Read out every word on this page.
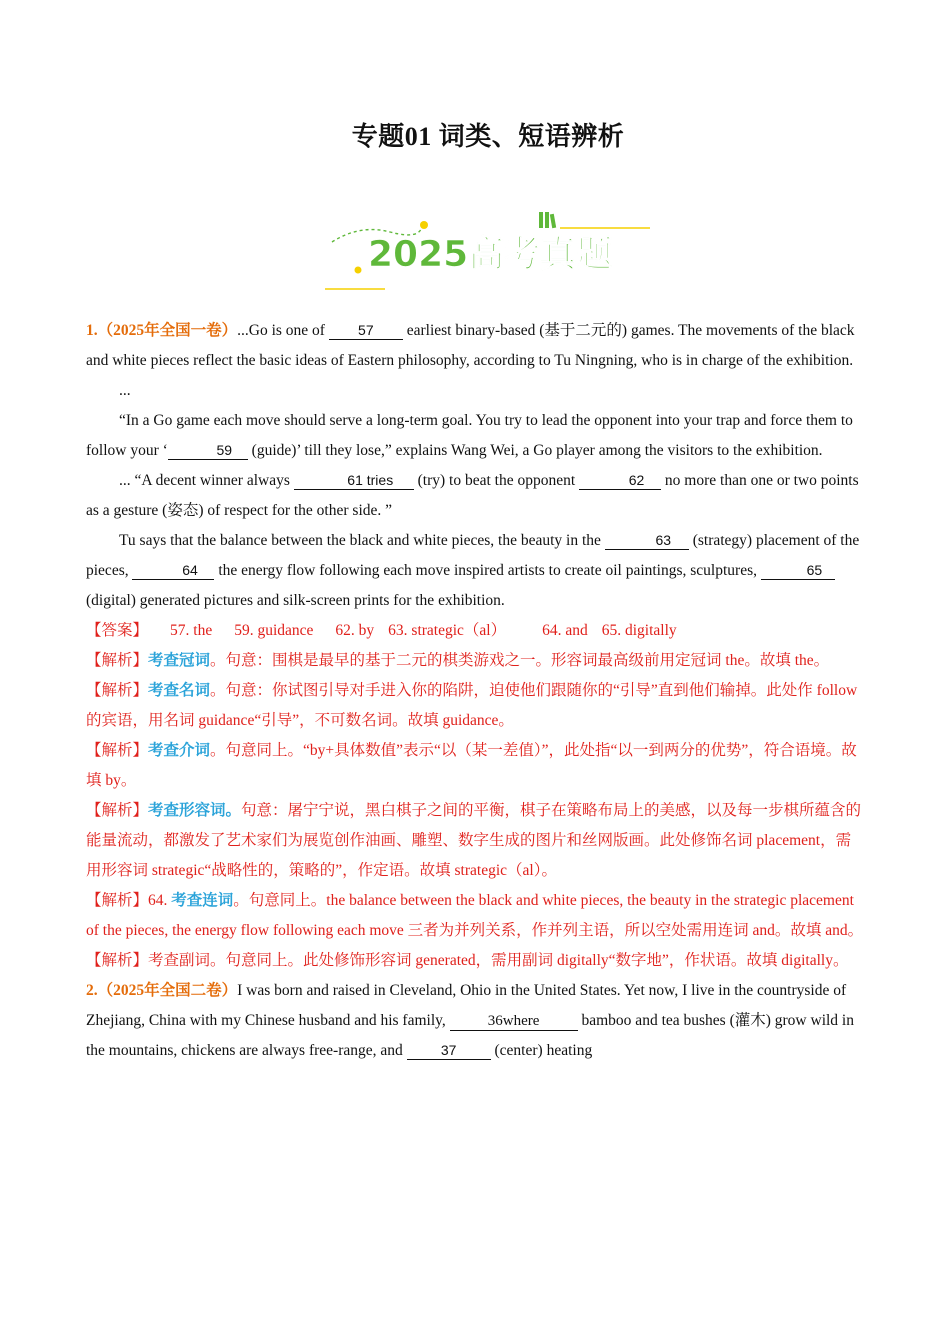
专题01 词类、短语辨析
2025高考真题

1.（2025年全国一卷）...Go is one of 57 earliest binary-based (基于二元的) games. The movements of the black and white pieces reflect the basic ideas of Eastern philosophy, according to Tu Ningning, who is in charge of the exhibition.

...

“In a Go game each move should serve a long-term goal. You try to lead the opponent into your trap and force them to follow your ‘	59 (guide)’ till they lose,” explains Wang Wei, a Go player among the visitors to the exhibition.

... “A decent winner always	61 tries (try) to beat the opponent	62 no more than one or two points as a gesture (姿态) of respect for the other side. ”

Tu says that the balance between the black and white pieces, the beauty in the	63 (strategy) placement of the pieces,	64 the energy flow following each move inspired artists to create oil paintings, sculptures,	65 (digital) generated pictures and silk-screen prints for the exhibition.

【答案】 57. the 59. guidance 62. by 63. strategic（al） 64. and 65. digitally

【解析】考查冠词。句意：围棋是最早的基于二元的棋类游戏之一。形容词最高级前用定冠词 the。故填 the。

【解析】考查名词。句意：你试图引导对手进入你的陷阱，迫使他们跟随你的“引导”直到他们输掉。此处作 follow 的宾语，用名词 guidance“引导”，不可数名词。故填 guidance。

【解析】考查介词。句意同上。“by+具体数值”表示“以（某一差值）”，此处指“以一到两分的优势”，符合语境。故填 by。

【解析】考查形容词。句意：屠宁宁说，黑白棋子之间的平衡，棋子在策略布局上的美感，以及每一步棋所蕴含的能量流动，都激发了艺术家们为展览创作油画、雕塑、数字生成的图片和丝网版画。此处修饰名词 placement，需用形容词 strategic“战略性的，策略的”，作定语。故填 strategic（al）。

【解析】64. 考查连词。句意同上。the balance between the black and white pieces, the beauty in the strategic placement of the pieces, the energy flow following each move 三者为并列关系，作并列主语，所以空处需用连词 and。故填 and。

【解析】考查副词。句意同上。此处修饰形容词 generated，需用副词 digitally“数字地”，作状语。故填 digitally。

2.（2025年全国二卷）I was born and raised in Cleveland, Ohio in the United States. Yet now, I live in the countryside of Zhejiang, China with my Chinese husband and his family,	36where bamboo and tea bushes (灌木) grow wild in the mountains, chickens are always free-range, and 37 (center) heating
